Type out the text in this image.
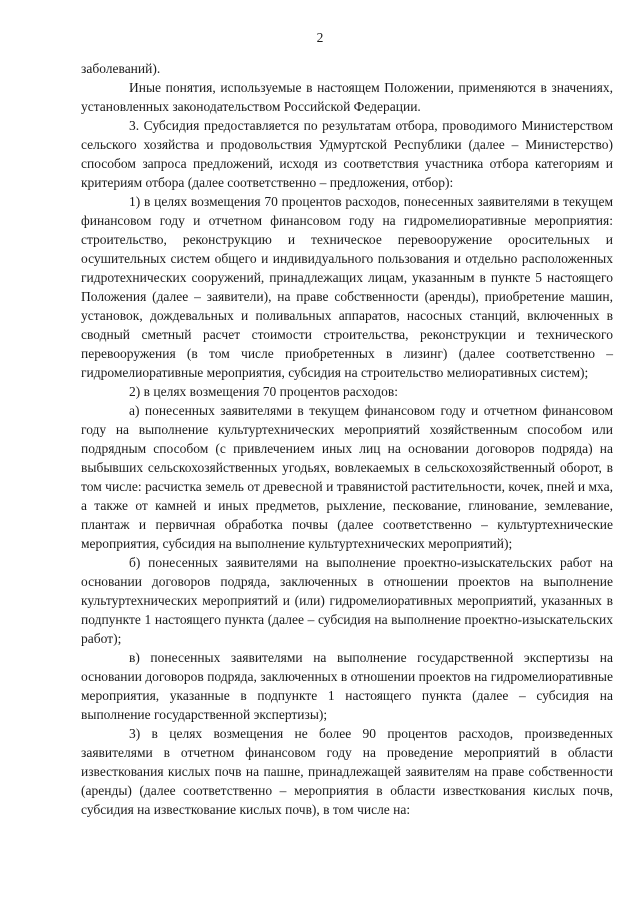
2

заболеваний).

Иные понятия, используемые в настоящем Положении, применяются в значениях, установленных законодательством Российской Федерации.

3. Субсидия предоставляется по результатам отбора, проводимого Министерством сельского хозяйства и продовольствия Удмуртской Республики (далее – Министерство) способом запроса предложений, исходя из соответствия участника отбора категориям и критериям отбора (далее соответственно – предложения, отбор):

1) в целях возмещения 70 процентов расходов, понесенных заявителями в текущем финансовом году и отчетном финансовом году на гидромелиоративные мероприятия: строительство, реконструкцию и техническое перевооружение оросительных и осушительных систем общего и индивидуального пользования и отдельно расположенных гидротехнических сооружений, принадлежащих лицам, указанным в пункте 5 настоящего Положения (далее – заявители), на праве собственности (аренды), приобретение машин, установок, дождевальных и поливальных аппаратов, насосных станций, включенных в сводный сметный расчет стоимости строительства, реконструкции и технического перевооружения (в том числе приобретенных в лизинг) (далее соответственно – гидромелиоративные мероприятия, субсидия на строительство мелиоративных систем);

2) в целях возмещения 70 процентов расходов:

а) понесенных заявителями в текущем финансовом году и отчетном финансовом году на выполнение культуртехнических мероприятий хозяйственным способом или подрядным способом (с привлечением иных лиц на основании договоров подряда) на выбывших сельскохозяйственных угодьях, вовлекаемых в сельскохозяйственный оборот, в том числе: расчистка земель от древесной и травянистой растительности, кочек, пней и мха, а также от камней и иных предметов, рыхление, пескование, глинование, землевание, плантаж и первичная обработка почвы (далее соответственно – культуртехнические мероприятия, субсидия на выполнение культуртехнических мероприятий);

б) понесенных заявителями на выполнение проектно-изыскательских работ на основании договоров подряда, заключенных в отношении проектов на выполнение культуртехнических мероприятий и (или) гидромелиоративных мероприятий, указанных в подпункте 1 настоящего пункта (далее – субсидия на выполнение проектно-изыскательских работ);

в) понесенных заявителями на выполнение государственной экспертизы на основании договоров подряда, заключенных в отношении проектов на гидромелиоративные мероприятия, указанные в подпункте 1 настоящего пункта (далее – субсидия на выполнение государственной экспертизы);

3) в целях возмещения не более 90 процентов расходов, произведенных заявителями в отчетном финансовом году на проведение мероприятий в области известкования кислых почв на пашне, принадлежащей заявителям на праве собственности (аренды) (далее соответственно – мероприятия в области известкования кислых почв, субсидия на известкование кислых почв), в том числе на:
